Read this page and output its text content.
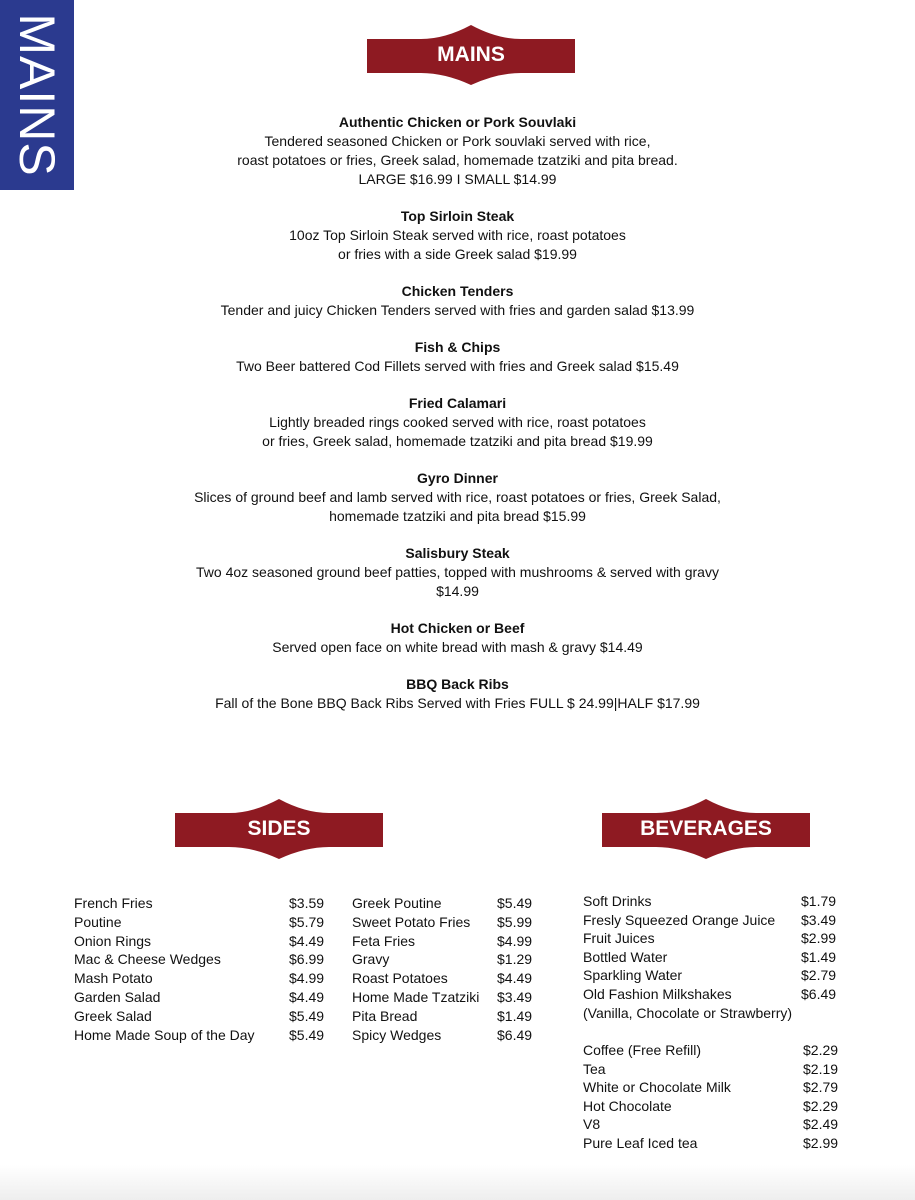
MAINS	MAINS
Authentic Chicken or Pork Souvlaki
Tendered seasoned Chicken or Pork souvlaki served with rice,
roast potatoes or fries, Greek salad, homemade tzatziki and pita bread.
LARGE $16.99 I SMALL $14.99
Top Sirloin Steak
10oz Top Sirloin Steak served with rice, roast potatoes
or fries with a side Greek salad $19.99
Chicken Tenders
Tender and juicy Chicken Tenders served with fries and garden salad $13.99
Fish & Chips
Two Beer battered Cod Fillets served with fries and Greek salad $15.49
Fried Calamari
Lightly breaded rings cooked served with rice, roast potatoes
or fries, Greek salad, homemade tzatziki and pita bread $19.99
Gyro Dinner
Slices of ground beef and lamb served with rice, roast potatoes or fries, Greek Salad,
homemade tzatziki and pita bread $15.99
Salisbury Steak
Two 4oz seasoned ground beef patties, topped with mushrooms & served with gravy
$14.99
Hot Chicken or Beef
Served open face on white bread with mash & gravy $14.49
BBQ Back Ribs
Fall of the Bone BBQ Back Ribs Served with Fries FULL $ 24.99|HALF $17.99
SIDES	BEVERAGES
French Fries	$3.59
Poutine	$5.79
Onion Rings	$4.49
Mac & Cheese Wedges	$6.99
Mash Potato	$4.99
Garden Salad	$4.49
Greek Salad	$5.49
Home Made Soup of the Day $5.49
Greek Poutine	$5.49
Sweet Potato Fries $5.99
Feta Fries	$4.99
Gravy	$1.29
Roast Potatoes	$4.49
Home Made Tzatziki $3.49
Pita Bread	$1.49
Spicy Wedges	$6.49
Soft Drinks	$1.79
Fresly Squeezed Orange Juice $3.49
Fruit Juices	$2.99
Bottled Water	$1.49
Sparkling Water	$2.79
Old Fashion Milkshakes	$6.49
(Vanilla, Chocolate or Strawberry)
Coffee (Free Refill)	$2.29
Tea	$2.19
White or Chocolate Milk	$2.79
Hot Chocolate	$2.29
V8	$2.49
Pure Leaf Iced tea	$2.99
